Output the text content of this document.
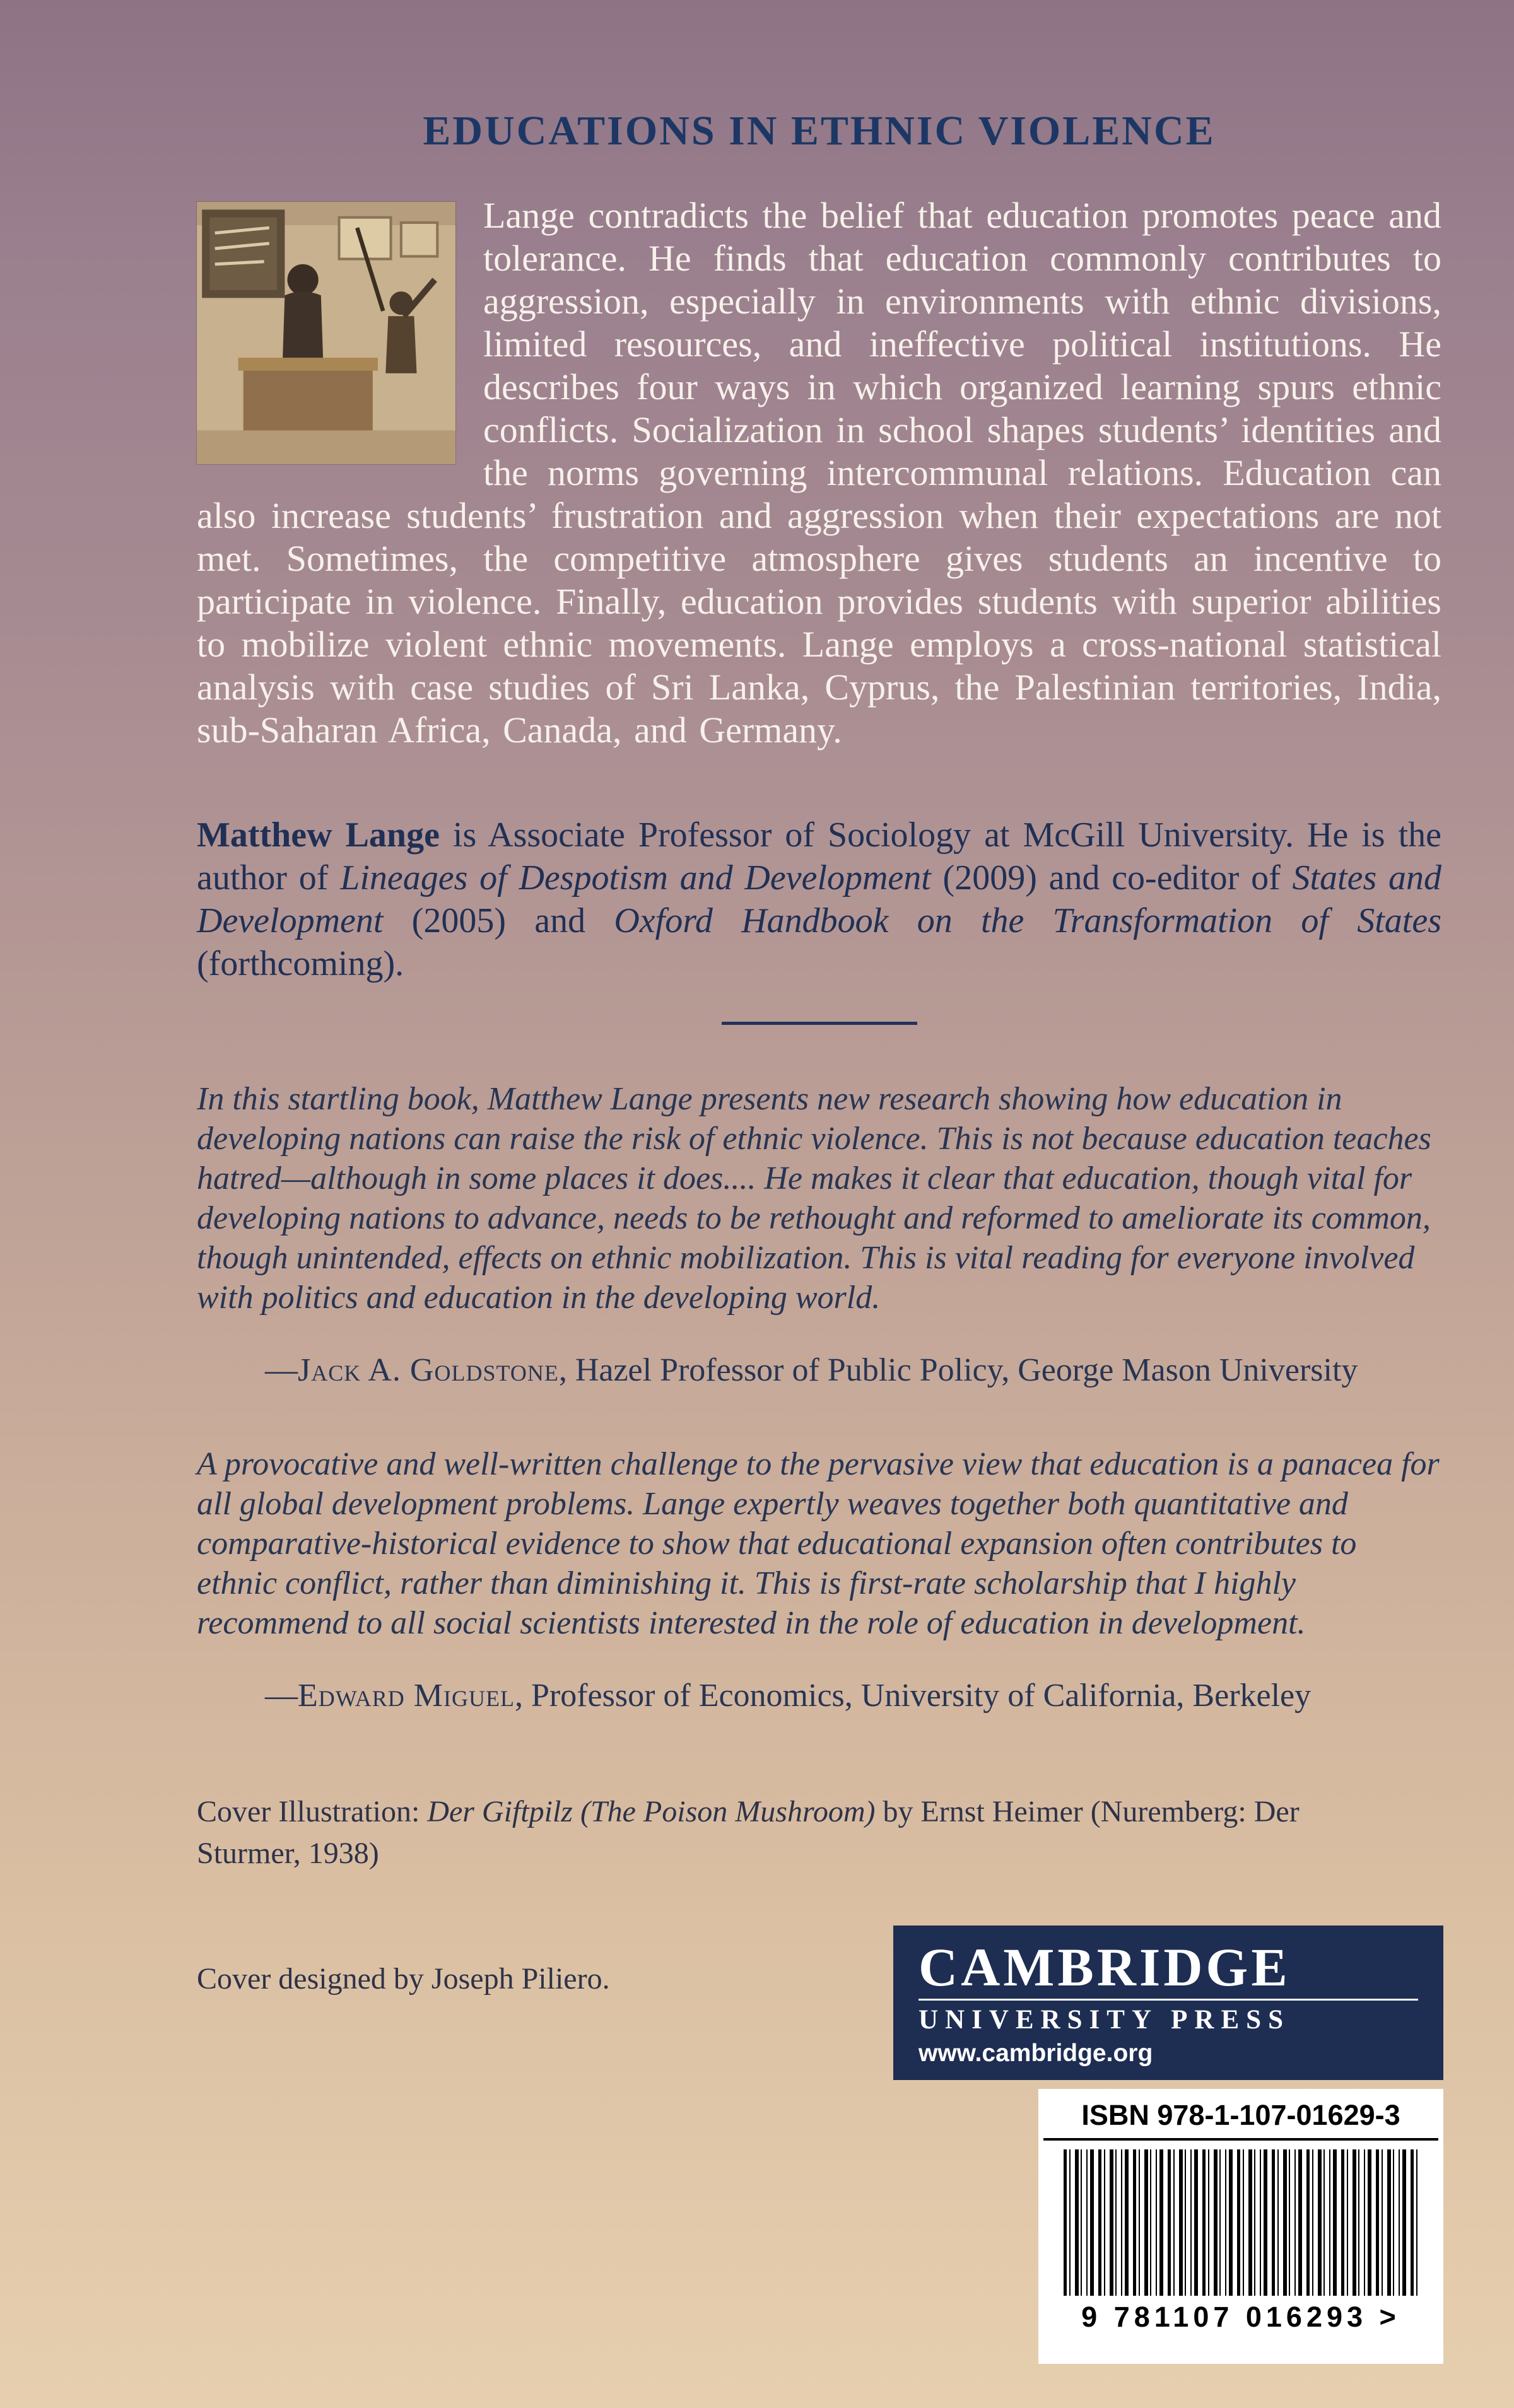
EDUCATIONS IN ETHNIC VIOLENCE
Lange contradicts the belief that education promotes peace and tolerance. He finds that education commonly contributes to aggression, especially in environments with ethnic divisions, limited resources, and ineffective political institutions. He describes four ways in which organized learning spurs ethnic conflicts. Socialization in school shapes students’ identities and the norms governing intercommunal relations. Education can also increase students’ frustration and aggression when their expectations are not met. Sometimes, the competitive atmosphere gives students an incentive to participate in violence. Finally, education provides students with superior abilities to mobilize violent ethnic movements. Lange employs a cross-national statistical analysis with case studies of Sri Lanka, Cyprus, the Palestinian territories, India, sub-Saharan Africa, Canada, and Germany.

Matthew Lange is Associate Professor of Sociology at McGill University. He is the author of Lineages of Despotism and Development (2009) and co-editor of States and Development (2005) and Oxford Handbook on the Transformation of States (forthcoming).

In this startling book, Matthew Lange presents new research showing how education in developing nations can raise the risk of ethnic violence. This is not because education teaches hatred—although in some places it does.... He makes it clear that education, though vital for developing nations to advance, needs to be rethought and reformed to ameliorate its common, though unintended, effects on ethnic mobilization. This is vital reading for everyone involved with politics and education in the developing world.

—Jack A. Goldstone, Hazel Professor of Public Policy, George Mason University

A provocative and well-written challenge to the pervasive view that education is a panacea for all global development problems. Lange expertly weaves together both quantitative and comparative-historical evidence to show that educational expansion often contributes to ethnic conflict, rather than diminishing it. This is first-rate scholarship that I highly recommend to all social scientists interested in the role of education in development.

—Edward Miguel, Professor of Economics, University of California, Berkeley

Cover Illustration: Der Giftpilz (The Poison Mushroom) by Ernst Heimer (Nuremberg: Der Sturmer, 1938)

Cover designed by Joseph Piliero.	CAMBRIDGE
UNIVERSITY PRESS
www.cambridge.org
ISBN 978-1-107-01629-3
9 781107 016293 >
